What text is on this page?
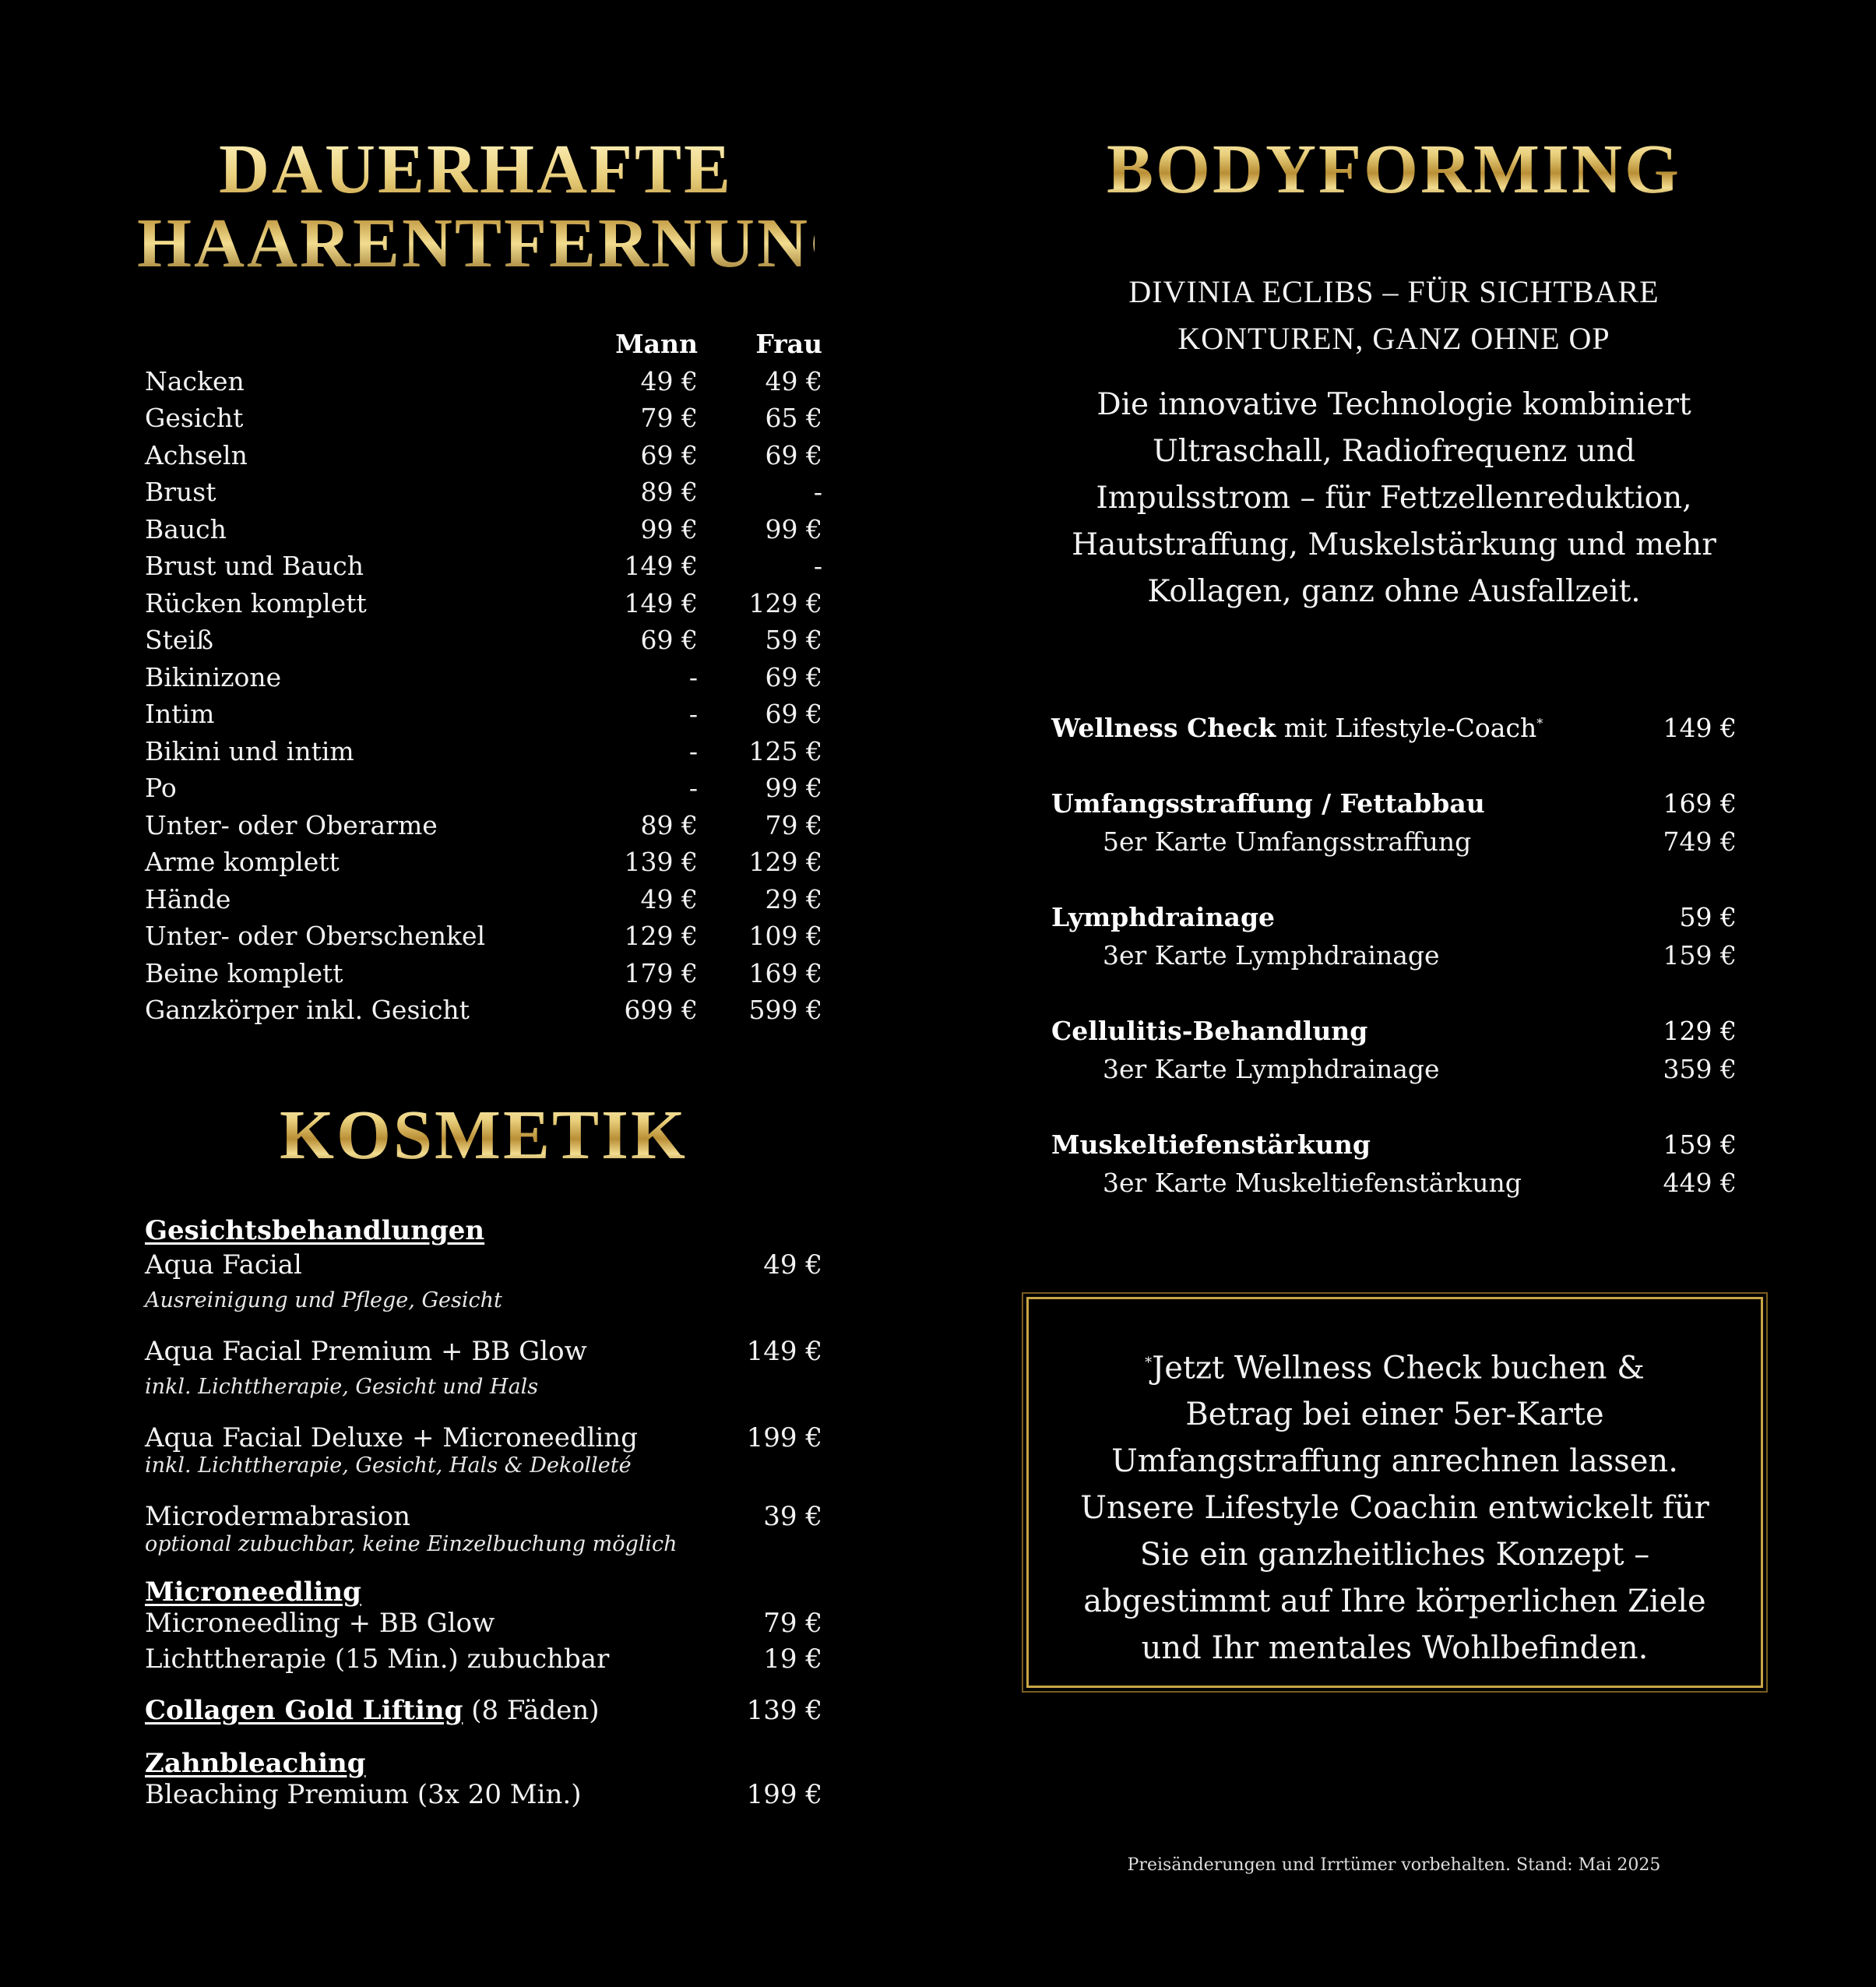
DAUERHAFTE
HAARENTFERNUNG
Mann	Frau
Nacken	49 €	49 €
Gesicht	79 €	65 €
Achseln	69 €	69 €
Brust	89 €	-
Bauch	99 €	99 €
Brust und Bauch	149 €	-
Rücken komplett	149 €	129 €
Steiß	69 €	59 €
Bikinizone	-	69 €
Intim	-	69 €
Bikini und intim	-	125 €
Po	-	99 €
Unter- oder Oberarme	89 €	79 €
Arme komplett	139 €	129 €
Hände	49 €	29 €
Unter- oder Oberschenkel	129 €	109 €
Beine komplett	179 €	169 €
Ganzkörper inkl. Gesicht	699 €	599 €
KOSMETIK
Gesichtsbehandlungen
Aqua Facial	49 €
Ausreinigung und Pflege, Gesicht
Aqua Facial Premium + BB Glow	149 €
inkl. Lichttherapie, Gesicht und Hals
Aqua Facial Deluxe + Microneedling	199 €
inkl. Lichttherapie, Gesicht, Hals & Dekolleté
Microdermabrasion	39 €
optional zubuchbar, keine Einzelbuchung möglich
Microneedling
Microneedling + BB Glow	79 €
Lichttherapie (15 Min.) zubuchbar	19 €
Collagen Gold Lifting (8 Fäden)	139 €
Zahnbleaching
Bleaching Premium (3x 20 Min.)	199 €
BODYFORMING
DIVINIA ECLIBS – FÜR SICHTBARE
KONTUREN, GANZ OHNE OP
Die innovative Technologie kombiniert
Ultraschall, Radiofrequenz und
Impulsstrom – für Fettzellenreduktion,
Hautstraffung, Muskelstärkung und mehr
Kollagen, ganz ohne Ausfallzeit.
Wellness Check mit Lifestyle-Coach*	149 €
Umfangsstraffung / Fettabbau	169 €
5er Karte Umfangsstraffung	749 €
Lymphdrainage	59 €
3er Karte Lymphdrainage	159 €
Cellulitis-Behandlung	129 €
3er Karte Lymphdrainage	359 €
Muskeltiefenstärkung	159 €
3er Karte Muskeltiefenstärkung	449 €
*Jetzt Wellness Check buchen &
Betrag bei einer 5er-Karte
Umfangstraffung anrechnen lassen.
Unsere Lifestyle Coachin entwickelt für
Sie ein ganzheitliches Konzept –
abgestimmt auf Ihre körperlichen Ziele
und Ihr mentales Wohlbefinden.
Preisänderungen und Irrtümer vorbehalten. Stand: Mai 2025
